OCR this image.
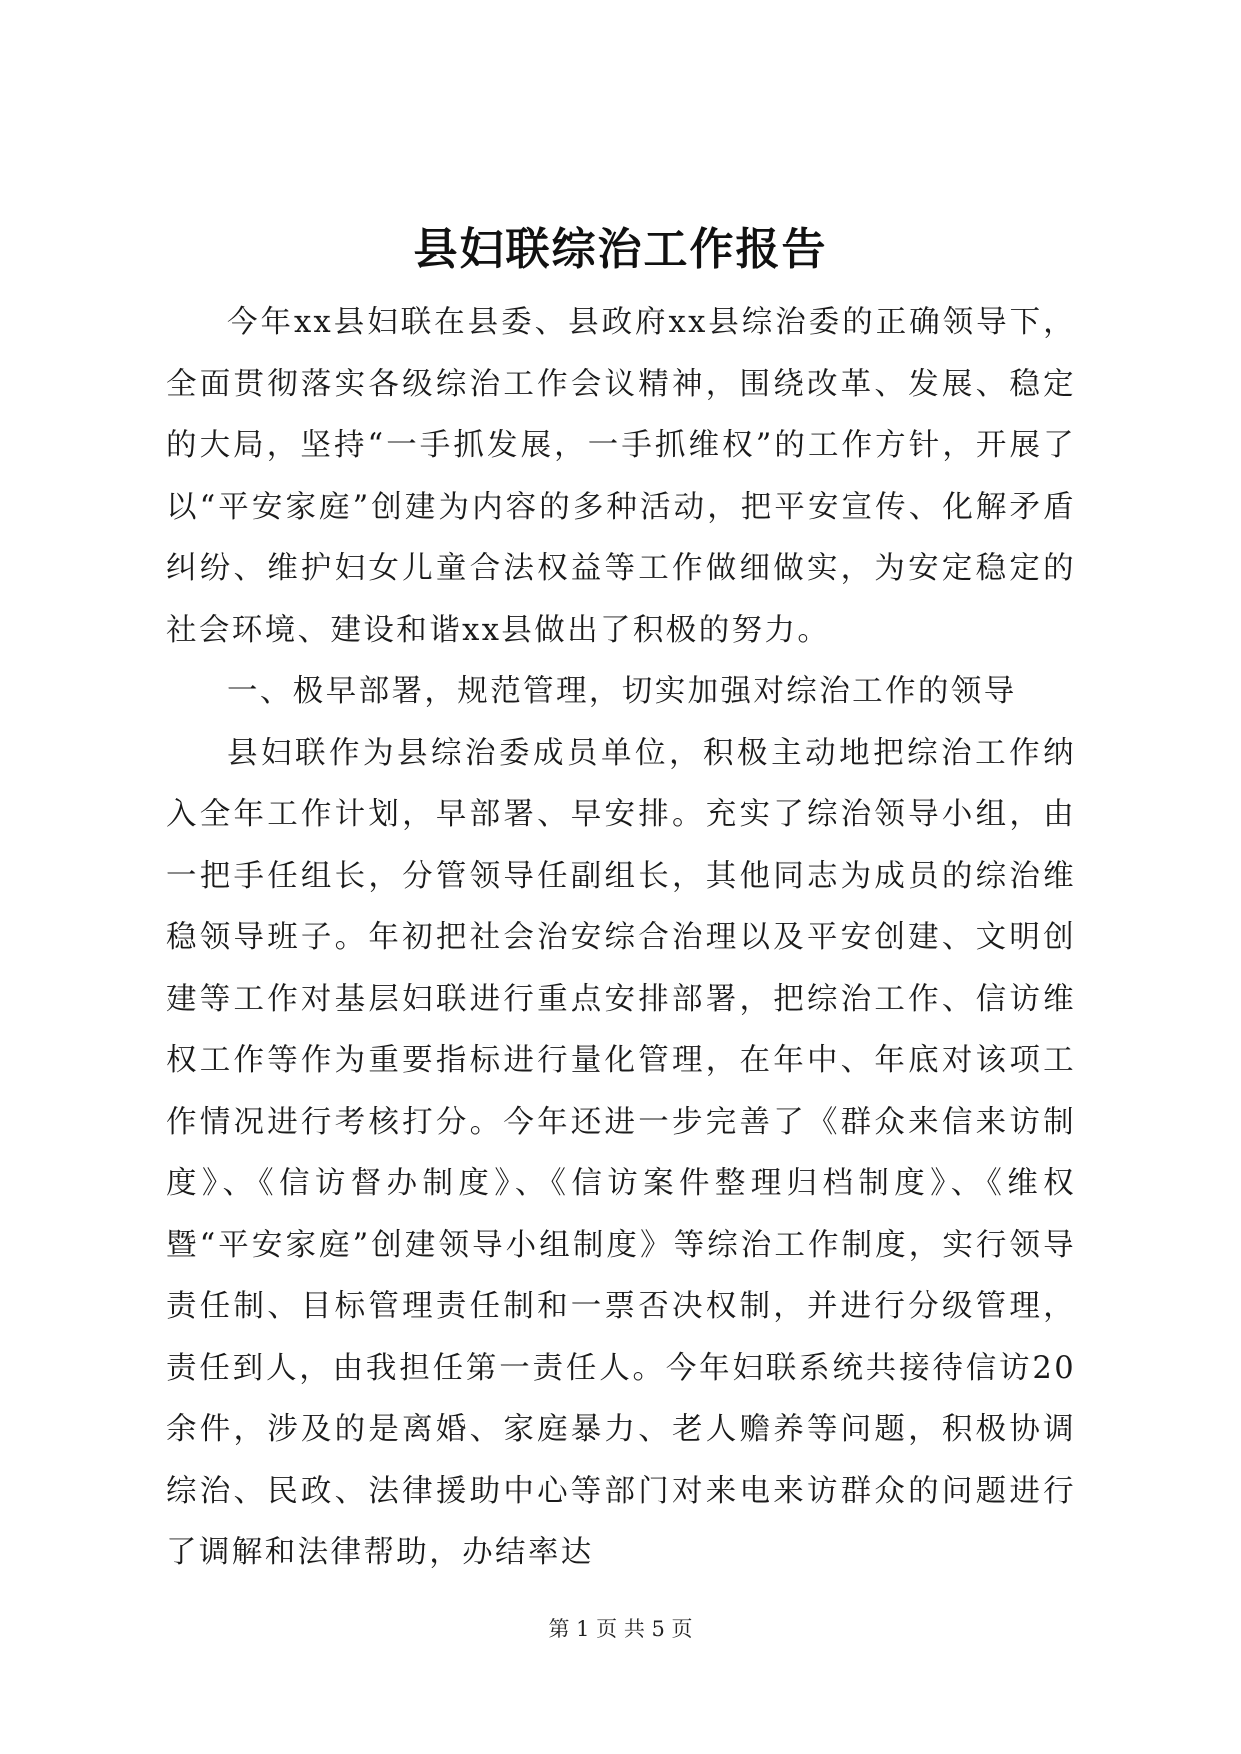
县妇联综治工作报告

今年xx县妇联在县委、县政府xx县综治委的正确领导下，全面贯彻落实各级综治工作会议精神，围绕改革、发展、稳定的大局，坚持“一手抓发展，一手抓维权”的工作方针，开展了以“平安家庭”创建为内容的多种活动，把平安宣传、化解矛盾纠纷、维护妇女儿童合法权益等工作做细做实，为安定稳定的社会环境、建设和谐xx县做出了积极的努力。

一、极早部署，规范管理，切实加强对综治工作的领导

县妇联作为县综治委成员单位，积极主动地把综治工作纳入全年工作计划，早部署、早安排。充实了综治领导小组，由一把手任组长，分管领导任副组长，其他同志为成员的综治维稳领导班子。年初把社会治安综合治理以及平安创建、文明创建等工作对基层妇联进行重点安排部署，把综治工作、信访维权工作等作为重要指标进行量化管理，在年中、年底对该项工作情况进行考核打分。今年还进一步完善了《群众来信来访制度》、《信访督办制度》、《信访案件整理归档制度》、《维权暨“平安家庭”创建领导小组制度》等综治工作制度，实行领导责任制、目标管理责任制和一票否决权制，并进行分级管理，责任到人，由我担任第一责任人。今年妇联系统共接待信访20余件，涉及的是离婚、家庭暴力、老人赡养等问题，积极协调综治、民政、法律援助中心等部门对来电来访群众的问题进行了调解和法律帮助，办结率达

第 1 页 共 5 页
